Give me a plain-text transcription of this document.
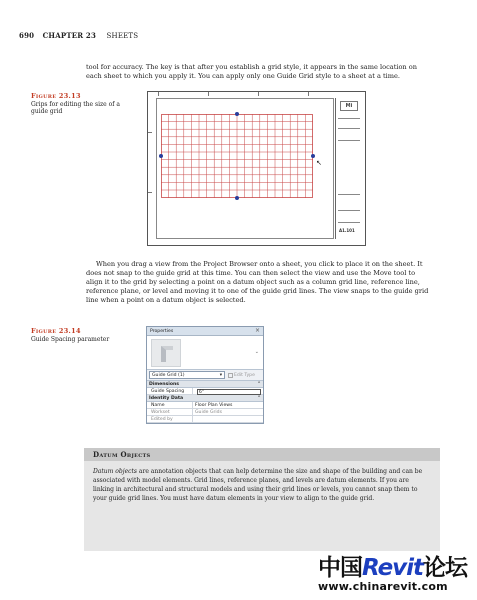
690 CHAPTER 23 SHEETS

tool for accuracy. The key is that after you establish a grid style, it appears in the same location on each sheet to which you apply it. You can apply only one Guide Grid style to a sheet at a time.

Figure 23.13
Grips for editing the size of a guide grid
↖
Mi
A1.101

When you drag a view from the Project Browser onto a sheet, you click to place it on the sheet. It does not snap to the guide grid at this time. You can then select the view and use the Move tool to align it to the grid by selecting a point on a datum object such as a column grid line, reference line, reference plane, or level and moving it to one of the guide grid lines. The view snaps to the guide grid line when a point on a datum object is selected.

Figure 23.14
Guide Spacing parameter
Properties	×
⌄
Guide Grid (1)	▾	Edit Type
Dimensions	⌃
Guide Spacing	6"
Identity Data	⌃
Name	Floor Plan Views
Workset	Guide Grids
Edited by
Datum Objects

Datum objects are annotation objects that can help determine the size and shape of the building and can be associated with model elements. Grid lines, reference planes, and levels are datum elements. If you are linking in architectural and structural models and using their grid lines or levels, you cannot snap them to your guide grid lines. You must have datum elements in your view to align to the guide grid.

中国Revit论坛
www.chinarevit.com
